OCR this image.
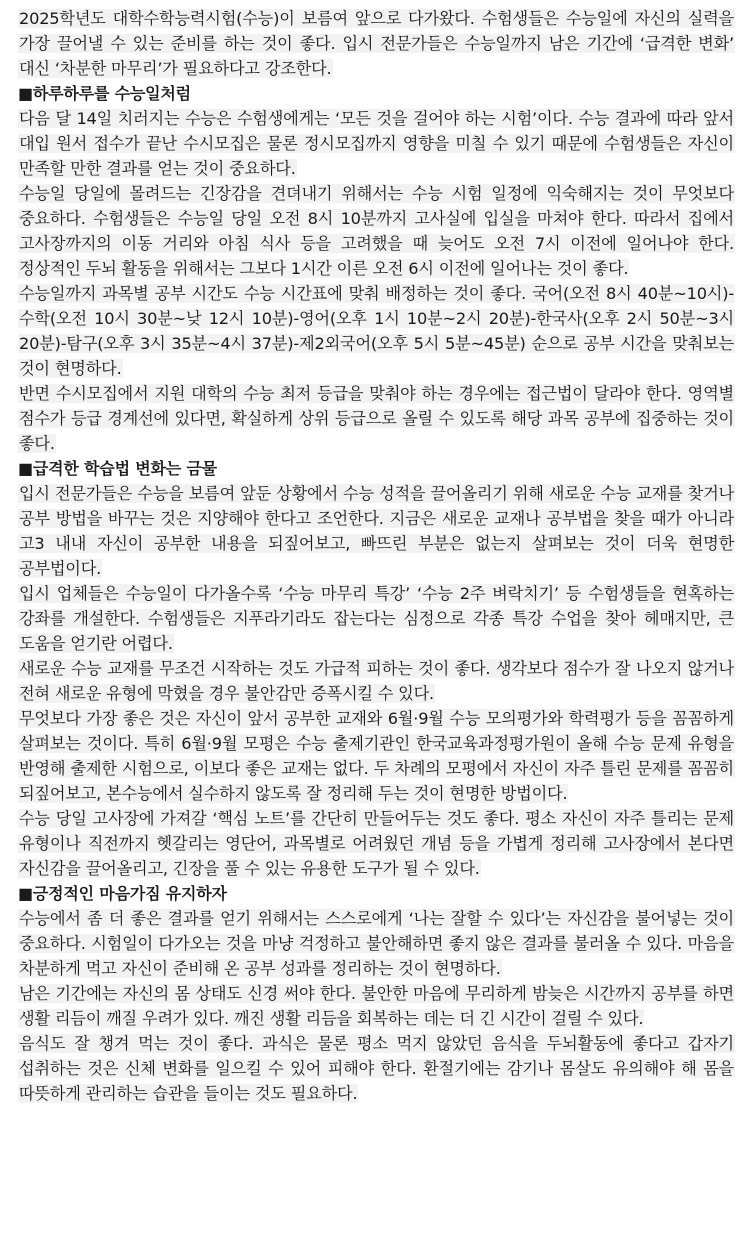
2025학년도 대학수학능력시험(수능)이 보름여 앞으로 다가왔다. 수험생들은 수능일에 자신의 실력을 가장 끌어낼 수 있는 준비를 하는 것이 좋다. 입시 전문가들은 수능일까지 남은 기간에 ‘급격한 변화’ 대신 ‘차분한 마무리’가 필요하다고 강조한다.

■하루하루를 수능일처럼

다음 달 14일 치러지는 수능은 수험생에게는 ‘모든 것을 걸어야 하는 시험’이다. 수능 결과에 따라 앞서 대입 원서 접수가 끝난 수시모집은 물론 정시모집까지 영향을 미칠 수 있기 때문에 수험생들은 자신이 만족할 만한 결과를 얻는 것이 중요하다.

수능일 당일에 몰려드는 긴장감을 견뎌내기 위해서는 수능 시험 일정에 익숙해지는 것이 무엇보다 중요하다. 수험생들은 수능일 당일 오전 8시 10분까지 고사실에 입실을 마쳐야 한다. 따라서 집에서 고사장까지의 이동 거리와 아침 식사 등을 고려했을 때 늦어도 오전 7시 이전에 일어나야 한다. 정상적인 두뇌 활동을 위해서는 그보다 1시간 이른 오전 6시 이전에 일어나는 것이 좋다.

수능일까지 과목별 공부 시간도 수능 시간표에 맞춰 배정하는 것이 좋다. 국어(오전 8시 40분~10시)-수학(오전 10시 30분~낮 12시 10분)-영어(오후 1시 10분~2시 20분)-한국사(오후 2시 50분~3시 20분)-탐구(오후 3시 35분~4시 37분)-제2외국어(오후 5시 5분~45분) 순으로 공부 시간을 맞춰보는 것이 현명하다.

반면 수시모집에서 지원 대학의 수능 최저 등급을 맞춰야 하는 경우에는 접근법이 달라야 한다. 영역별 점수가 등급 경계선에 있다면, 확실하게 상위 등급으로 올릴 수 있도록 해당 과목 공부에 집중하는 것이 좋다.

■급격한 학습법 변화는 금물

입시 전문가들은 수능을 보름여 앞둔 상황에서 수능 성적을 끌어올리기 위해 새로운 수능 교재를 찾거나 공부 방법을 바꾸는 것은 지양해야 한다고 조언한다. 지금은 새로운 교재나 공부법을 찾을 때가 아니라 고3 내내 자신이 공부한 내용을 되짚어보고, 빠뜨린 부분은 없는지 살펴보는 것이 더욱 현명한 공부법이다.

입시 업체들은 수능일이 다가올수록 ‘수능 마무리 특강’ ‘수능 2주 벼락치기’ 등 수험생들을 현혹하는 강좌를 개설한다. 수험생들은 지푸라기라도 잡는다는 심정으로 각종 특강 수업을 찾아 헤매지만, 큰 도움을 얻기란 어렵다.

새로운 수능 교재를 무조건 시작하는 것도 가급적 피하는 것이 좋다. 생각보다 점수가 잘 나오지 않거나 전혀 새로운 유형에 막혔을 경우 불안감만 증폭시킬 수 있다.

무엇보다 가장 좋은 것은 자신이 앞서 공부한 교재와 6월·9월 수능 모의평가와 학력평가 등을 꼼꼼하게 살펴보는 것이다. 특히 6월·9월 모평은 수능 출제기관인 한국교육과정평가원이 올해 수능 문제 유형을 반영해 출제한 시험으로, 이보다 좋은 교재는 없다. 두 차례의 모평에서 자신이 자주 틀린 문제를 꼼꼼히 되짚어보고, 본수능에서 실수하지 않도록 잘 정리해 두는 것이 현명한 방법이다.

수능 당일 고사장에 가져갈 ‘핵심 노트’를 간단히 만들어두는 것도 좋다. 평소 자신이 자주 틀리는 문제 유형이나 직전까지 헷갈리는 영단어, 과목별로 어려웠던 개념 등을 가볍게 정리해 고사장에서 본다면 자신감을 끌어올리고, 긴장을 풀 수 있는 유용한 도구가 될 수 있다.

■긍정적인 마음가짐 유지하자

수능에서 좀 더 좋은 결과를 얻기 위해서는 스스로에게 ‘나는 잘할 수 있다’는 자신감을 불어넣는 것이 중요하다. 시험일이 다가오는 것을 마냥 걱정하고 불안해하면 좋지 않은 결과를 불러올 수 있다. 마음을 차분하게 먹고 자신이 준비해 온 공부 성과를 정리하는 것이 현명하다.

남은 기간에는 자신의 몸 상태도 신경 써야 한다. 불안한 마음에 무리하게 밤늦은 시간까지 공부를 하면 생활 리듬이 깨질 우려가 있다. 깨진 생활 리듬을 회복하는 데는 더 긴 시간이 걸릴 수 있다.

음식도 잘 챙겨 먹는 것이 좋다. 과식은 물론 평소 먹지 않았던 음식을 두뇌활동에 좋다고 갑자기 섭취하는 것은 신체 변화를 일으킬 수 있어 피해야 한다. 환절기에는 감기나 몸살도 유의해야 해 몸을 따뜻하게 관리하는 습관을 들이는 것도 필요하다.
